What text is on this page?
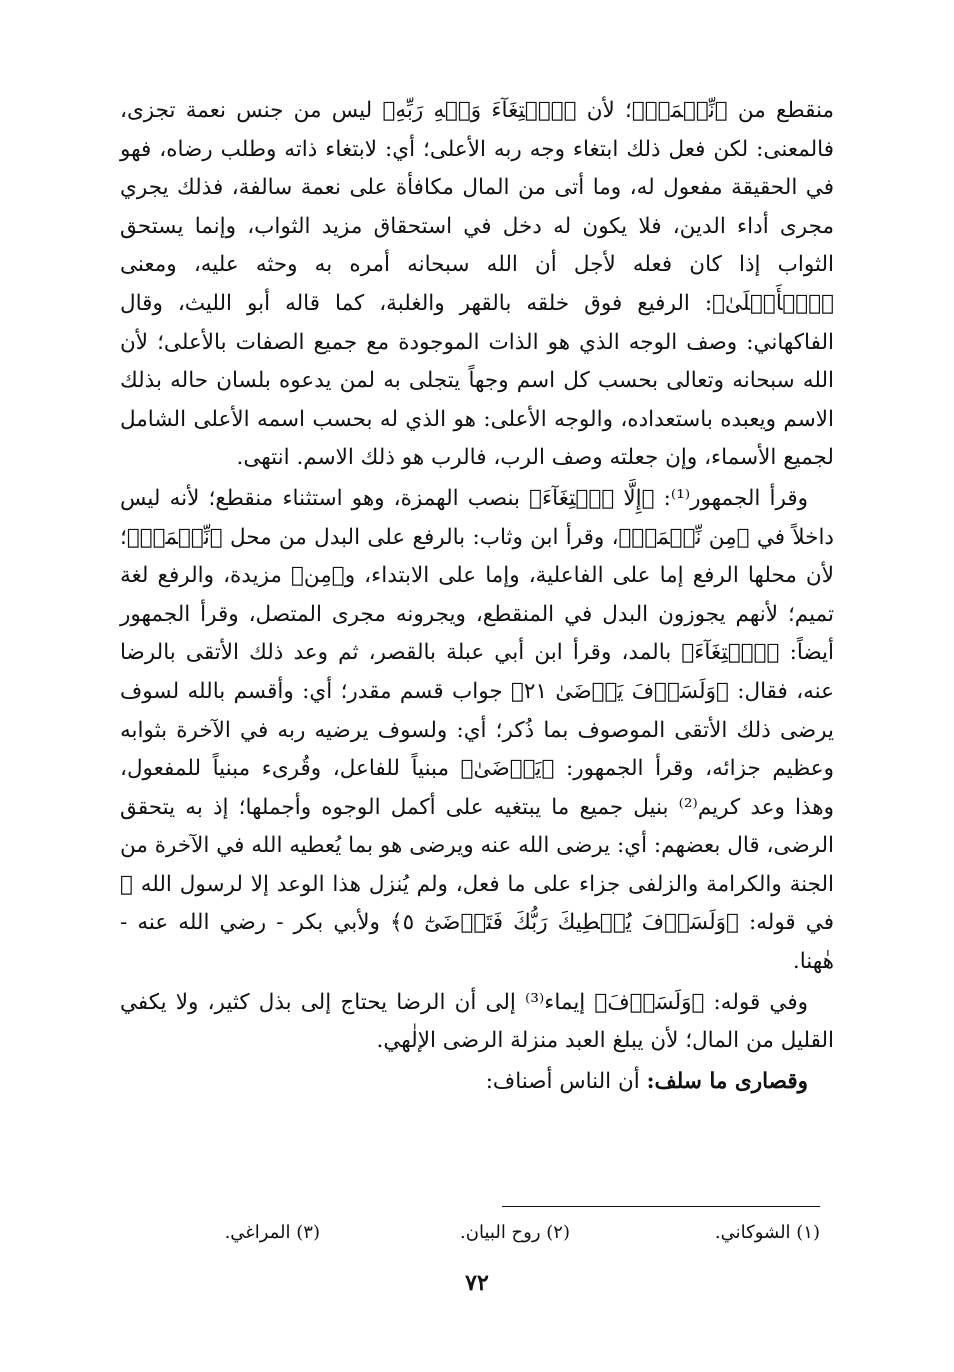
منقطع من ﴿نِّعۡمَةٖ﴾؛ لأن ﴿ٱبۡتِغَآءَ وَجۡهِ رَبِّهِ﴾ ليس من جنس نعمة تجزى، فالمعنى: لكن فعل ذلك ابتغاء وجه ربه الأعلى؛ أي: لابتغاء ذاته وطلب رضاه، فهو في الحقيقة مفعول له، وما أتى من المال مكافأة على نعمة سالفة، فذلك يجري مجرى أداء الدين، فلا يكون له دخل في استحقاق مزيد الثواب، وإنما يستحق الثواب إذا كان فعله لأجل أن الله سبحانه أمره به وحثه عليه، ومعنى ﴿ٱلۡأَعۡلَىٰ﴾: الرفيع فوق خلقه بالقهر والغلبة، كما قاله أبو الليث، وقال الفاكهاني: وصف الوجه الذي هو الذات الموجودة مع جميع الصفات بالأعلى؛ لأن الله سبحانه وتعالى بحسب كل اسم وجهاً يتجلى به لمن يدعوه بلسان حاله بذلك الاسم ويعبده باستعداده، والوجه الأعلى: هو الذي له بحسب اسمه الأعلى الشامل لجميع الأسماء، وإن جعلته وصف الرب، فالرب هو ذلك الاسم. انتهى.

وقرأ الجمهور⁽¹⁾: ﴿إِلَّا ٱبۡتِغَآءَ﴾ بنصب الهمزة، وهو استثناء منقطع؛ لأنه ليس داخلاً في ﴿مِن نِّعۡمَةٖ﴾، وقرأ ابن وثاب: بالرفع على البدل من محل ﴿نِّعۡمَةٖ﴾؛ لأن محلها الرفع إما على الفاعلية، وإما على الابتداء، و﴿مِن﴾ مزيدة، والرفع لغة تميم؛ لأنهم يجوزون البدل في المنقطع، ويجرونه مجرى المتصل، وقرأ الجمهور أيضاً: ﴿ٱبۡتِغَآءَ﴾ بالمد، وقرأ ابن أبي عبلة بالقصر، ثم وعد ذلك الأتقى بالرضا عنه، فقال: ﴿وَلَسَوۡفَ يَرۡضَىٰ ٢١﴾ جواب قسم مقدر؛ أي: وأقسم بالله لسوف يرضى ذلك الأتقى الموصوف بما ذُكر؛ أي: ولسوف يرضيه ربه في الآخرة بثوابه وعظيم جزائه، وقرأ الجمهور: ﴿يَرۡضَىٰ﴾ مبنياً للفاعل، وقُرىء مبنياً للمفعول، وهذا وعد كريم⁽²⁾ بنيل جميع ما يبتغيه على أكمل الوجوه وأجملها؛ إذ به يتحقق الرضى، قال بعضهم: أي: يرضى الله عنه ويرضى هو بما يُعطيه الله في الآخرة من الجنة والكرامة والزلفى جزاء على ما فعل، ولم يُنزل هذا الوعد إلا لرسول الله ﷺ في قوله: ﴿وَلَسَوۡفَ يُعۡطِيكَ رَبُّكَ فَتَرۡضَىٰٓ ٥﴾ ولأبي بكر - رضي الله عنه - هٰهنا.

وفي قوله: ﴿وَلَسَوۡفَ﴾ إيماء⁽³⁾ إلى أن الرضا يحتاج إلى بذل كثير، ولا يكفي القليل من المال؛ لأن يبلغ العبد منزلة الرضى الإلٰهي.

وقصارى ما سلف: أن الناس أصناف:

(١) الشوكاني.
(٢) روح البيان.
(٣) المراغي.
٧٢
